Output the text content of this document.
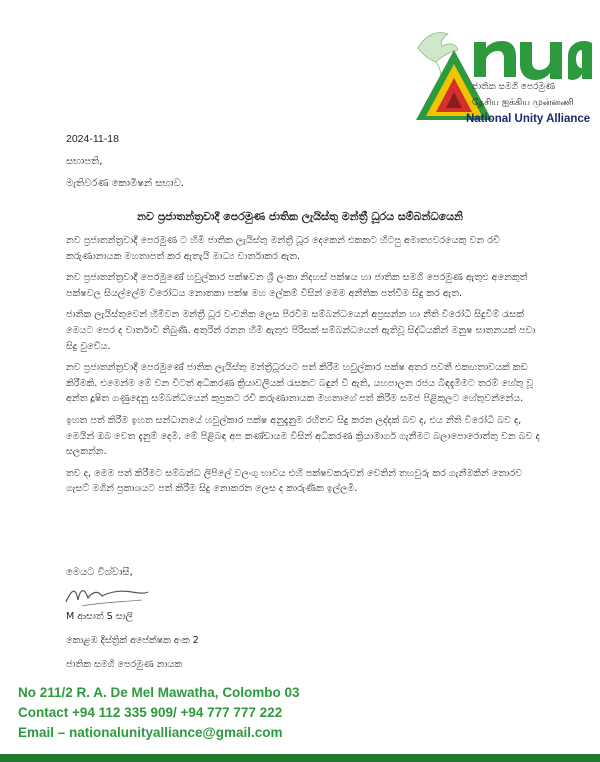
ජාතික සමගි පෙරමුණ
தேசிய ஐக்கிய முன்னணி
National Unity Alliance
2024-11-18
සභාපති,
මැතිවරණ කොමිෂන් සභාව.
නව ප්‍රජාතන්ත්‍රවාදී පෙරමුණ ජාතික ලැයිස්තු මන්ත්‍රී ධූරය සම්බන්ධයෙනි

නව ප්‍රජාතන්ත්‍රවාදී පෙරමුණ ට හිමි ජාතික ලැයිස්තු මන්ත්‍රී ධූර දෙකෙන් එකකට හිටපු අමාත්‍යවරයෙකු වන රවී කරුණානායක මහතාපත් කර ඇතැයි මාධ්‍ය වාර්තාකර ඇත.

නව ප්‍රජාතන්ත්‍රවාදී පෙරමුණේ හවුල්කාර පක්ෂවන ශ්‍රී ලංකා නිදහස් පක්ෂය හා ජාතික සමගි පෙරමුණ ඇතුළු අනෙකුත් පක්ෂවල සියල්ලේම විරෝධය නොතකා පක්ෂ මහ ලේකම් විසින් මෙම අනීතික පත්වීම සිදු කර ඇත.

ජාතික ලැයිස්තුවෙන් හිමිවන මන්ත්‍රී ධූර වංචනික ලෙස පිරවීම සම්බන්ධයෙන් අප්‍රසන්න හා නීති විරෝධී සිදුවීම් රැසක් මෙයට පෙර ද වාර්තාවී තිබුණි. අතුරින් රනන හිමි ඇතුළු පිරිසක් සම්බන්ධයෙන් ඇතිවූ සිද්ධියකින් මනුෂ ඝාතනයක් පවා සිදු වුවේය.

නව ප්‍රජාතන්ත්‍රවාදී පෙරමුණේ ජාතික ලැයිස්තු මන්ත්‍රීධූරයට පත් කිරීම හවුල්කාර පක්ෂ අතර පවතී එකඟතාවයක් කඩ කිරීමකි. එමෙන්ම මේ වන විටත් අධිකරණ ක්‍රියාවලියක් රැසකට බඳුන් වී ඇති, යහපාලන රජය බිඳදැමීමට තරම් හේතු වූ අන්ත දූෂිත ගණුදෙනු සම්බන්ධයෙන් කුප්‍රකට රවී කරුණානායක මහතාගේ පත් කිරීම සමජ පිළිකුලට හේතුවන්නේය.

ඉහත පත් කිරීම ඉහත සන්ධානයේ හවුල්කාර පක්ෂ අනුදැනුම රහිතව සිදු කරන ලද්දක් බව ද, එය නීති විරෝධී බව ද, මෙයින් ඔබ වෙත දැනුම් දෙමි. මේ පිළිබඳ අප කණ්ඩායම විසින් අධිකරණ ක්‍රියාමාර්ග ගැනීමට බලාපොරොත්තු වන බව ද සලකන්න.

තව ද, මෙම පත් කිරීමට සම්බන්ධ ලිපිලේ වලංගු භාවය එහි පක්ෂවකරුවන් වෙතින් තහවුරු කර ගැනීමකින් තොරව ගැසට් මගින් ප්‍රකාශයට පත් කිරීම සිදු නොකරන ලෙස ද කාරුණික ඉල්ලමි.

මෙයට විශ්වාසී,
M ආසාත් S සාලි
කොළඹ දිස්ත්‍රික් අපේක්ෂක අංක 2
ජාතික සමගි පෙරමුණ නායක
No 211/2 R. A. De Mel Mawatha, Colombo 03
Contact +94 112 335 909/ +94 777 777 222
Email – nationalunityalliance@gmail.com
